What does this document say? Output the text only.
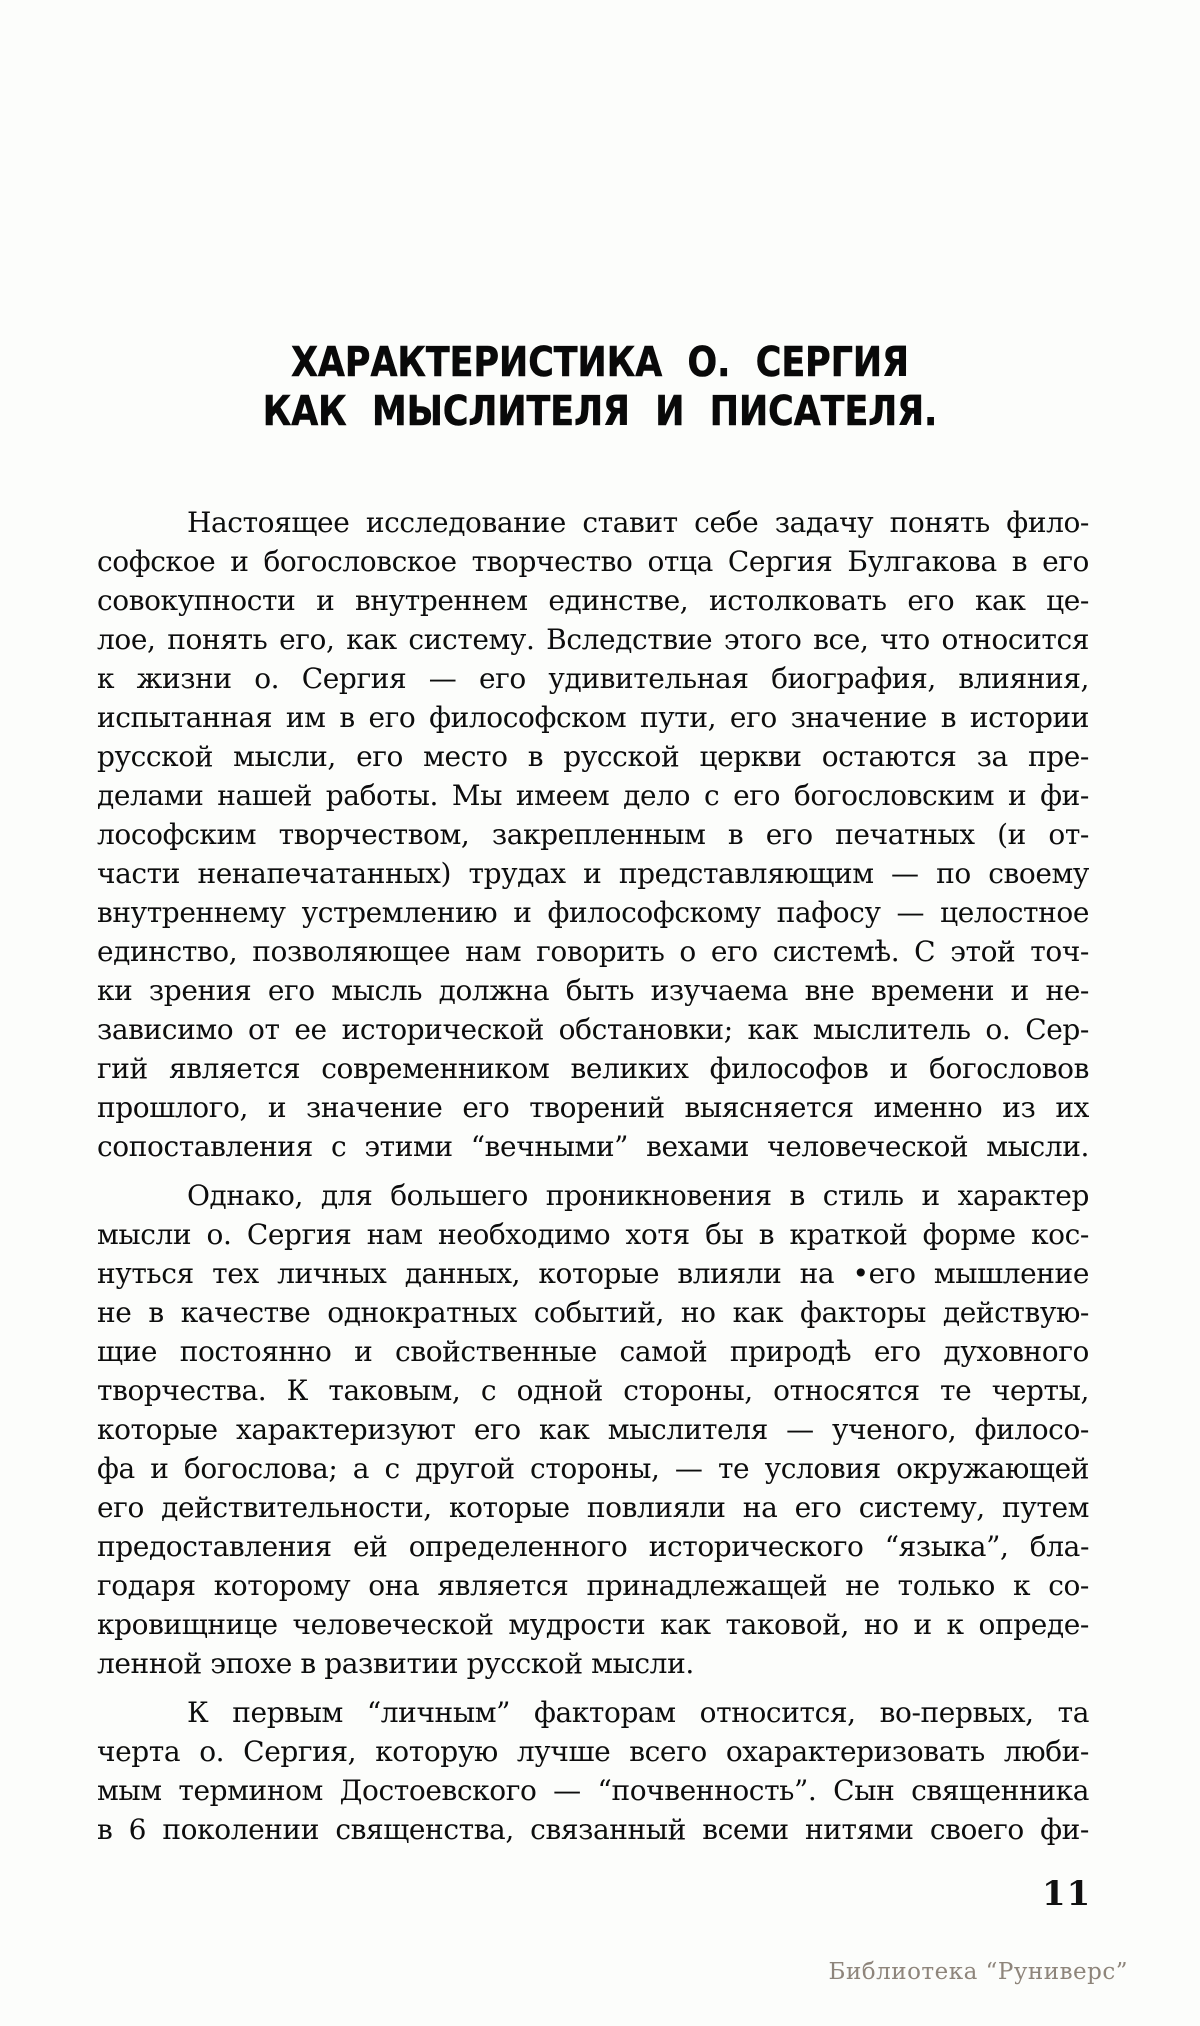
ХАРАКТЕРИСТИКА О. СЕРГИЯ
КАК МЫСЛИТЕЛЯ И ПИСАТЕЛЯ.
Настоящее исследование ставит себе задачу понять фило-
софское и богословское творчество отца Сергия Булгакова в его
совокупности и внутреннем единстве, истолковать его как це-
лое, понять его, как систему. Вследствие этого все, что относится
к жизни о. Сергия — его удивительная биография, влияния,
испытанная им в его философском пути, его значение в истории
русской мысли, его место в русской церкви остаются за пре-
делами нашей работы. Мы имеем дело с его богословским и фи-
лософским творчеством, закрепленным в его печатных (и от-
части ненапечатанных) трудах и представляющим — по своему
внутреннему устремлению и философскому пафосу — целостное
единство, позволяющее нам говорить о его системѣ. С этой точ-
ки зрения его мысль должна быть изучаема вне времени и не-
зависимо от ее исторической обстановки; как мыслитель о. Сер-
гий является современником великих философов и богословов
прошлого, и значение его творений выясняется именно из их
сопоставления с этими “вечными” вехами человеческой мысли.
Однако, для большего проникновения в стиль и характер
мысли о. Сергия нам необходимо хотя бы в краткой форме кос-
нуться тех личных данных, которые влияли на •его мышление
не в качестве однократных событий, но как факторы действую-
щие постоянно и свойственные самой природѣ его духовного
творчества. К таковым, с одной стороны, относятся те черты,
которые характеризуют его как мыслителя — ученого, филосо-
фа и богослова; а с другой стороны, — те условия окружающей
его действительности, которые повлияли на его систему, путем
предоставления ей определенного исторического “языка”, бла-
годаря которому она является принадлежащей не только к со-
кровищнице человеческой мудрости как таковой, но и к опреде-
ленной эпохе в развитии русской мысли.
К первым “личным” факторам относится, во-первых, та
черта о. Сергия, которую лучше всего охарактеризовать люби-
мым термином Достоевского — “почвенность”. Сын священника
в 6 поколении священства, связанный всеми нитями своего фи-
11
Библиотека “Руниверс”
